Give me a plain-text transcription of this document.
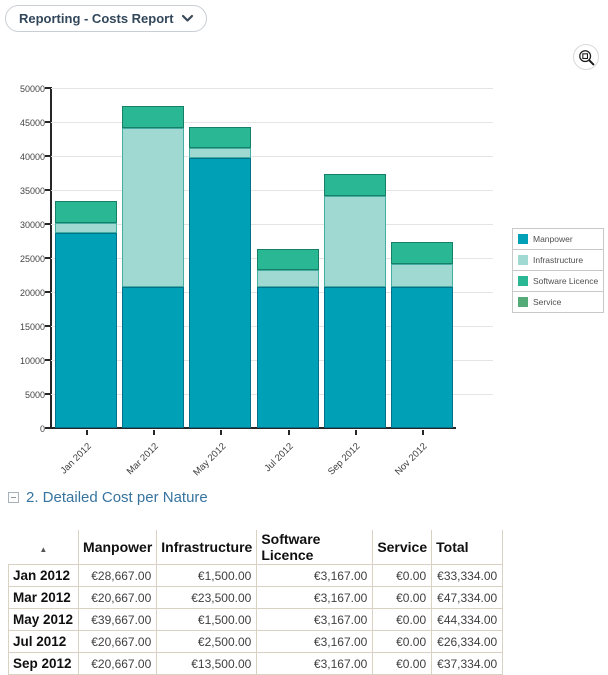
Reporting - Costs Report
0
5000
10000
15000
20000
25000
30000
35000
40000
45000
50000
Jan 2012	Mar 2012	May 2012	Jul 2012	Sep 2012	Nov 2012
Manpower
Infrastructure
Software Licence
Service
2. Detailed Cost per Nature
▲	Manpower	Infrastructure	Software Licence	Service	Total
Jan 2012	€28,667.00	€1,500.00	€3,167.00	€0.00	€33,334.00
Mar 2012	€20,667.00	€23,500.00	€3,167.00	€0.00	€47,334.00
May 2012	€39,667.00	€1,500.00	€3,167.00	€0.00	€44,334.00
Jul 2012	€20,667.00	€2,500.00	€3,167.00	€0.00	€26,334.00
Sep 2012	€20,667.00	€13,500.00	€3,167.00	€0.00	€37,334.00
